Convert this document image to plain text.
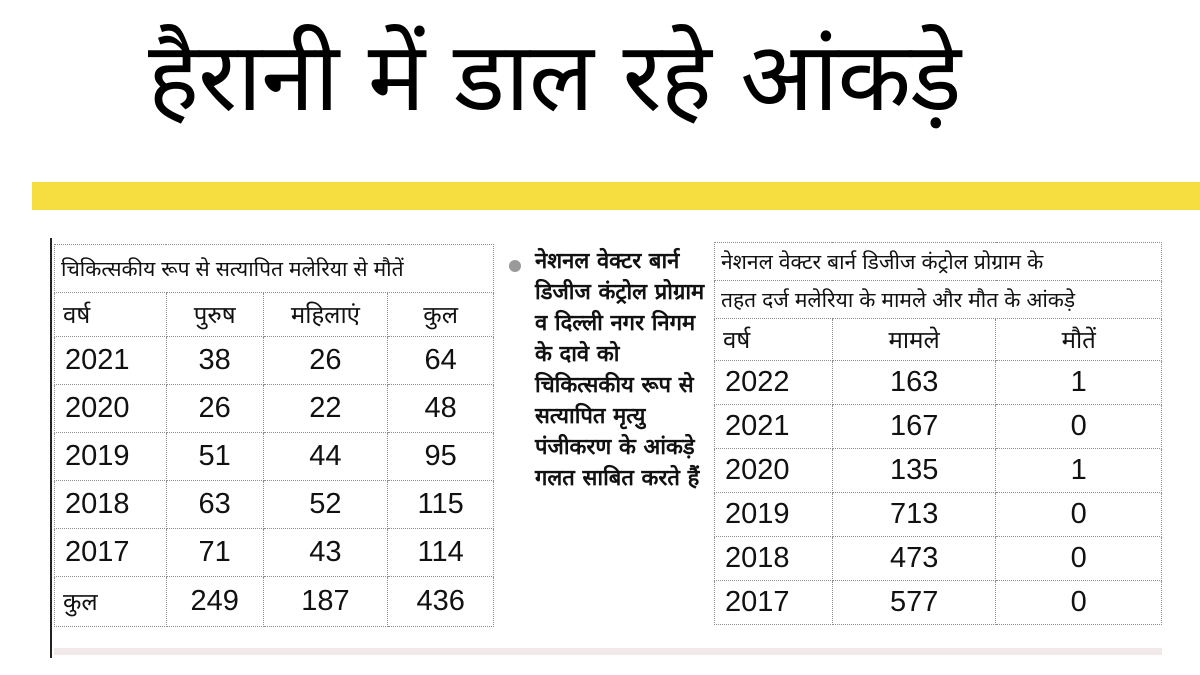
हैरानी में डाल रहे आंकड़े
चिकित्सकीय रूप से सत्यापित मलेरिया से मौतें			
वर्ष	पुरुष	महिलाएं	कुल
2021	38	26	64
2020	26	22	48
2019	51	44	95
2018	63	52	115
2017	71	43	114
कुल	249	187	436
नेशनल वेक्टर बार्न डिजीज कंट्रोल प्रोग्राम व दिल्ली नगर निगम के दावे को चिकित्सकीय रूप से सत्यापित मृत्यु पंजीकरण के आंकड़े गलत साबित करते हैं
नेशनल वेक्टर बार्न डिजीज कंट्रोल प्रोग्राम के		
तहत दर्ज मलेरिया के मामले और मौत के आंकड़े		
वर्ष	मामले	मौतें
2022	163	1
2021	167	0
2020	135	1
2019	713	0
2018	473	0
2017	577	0
